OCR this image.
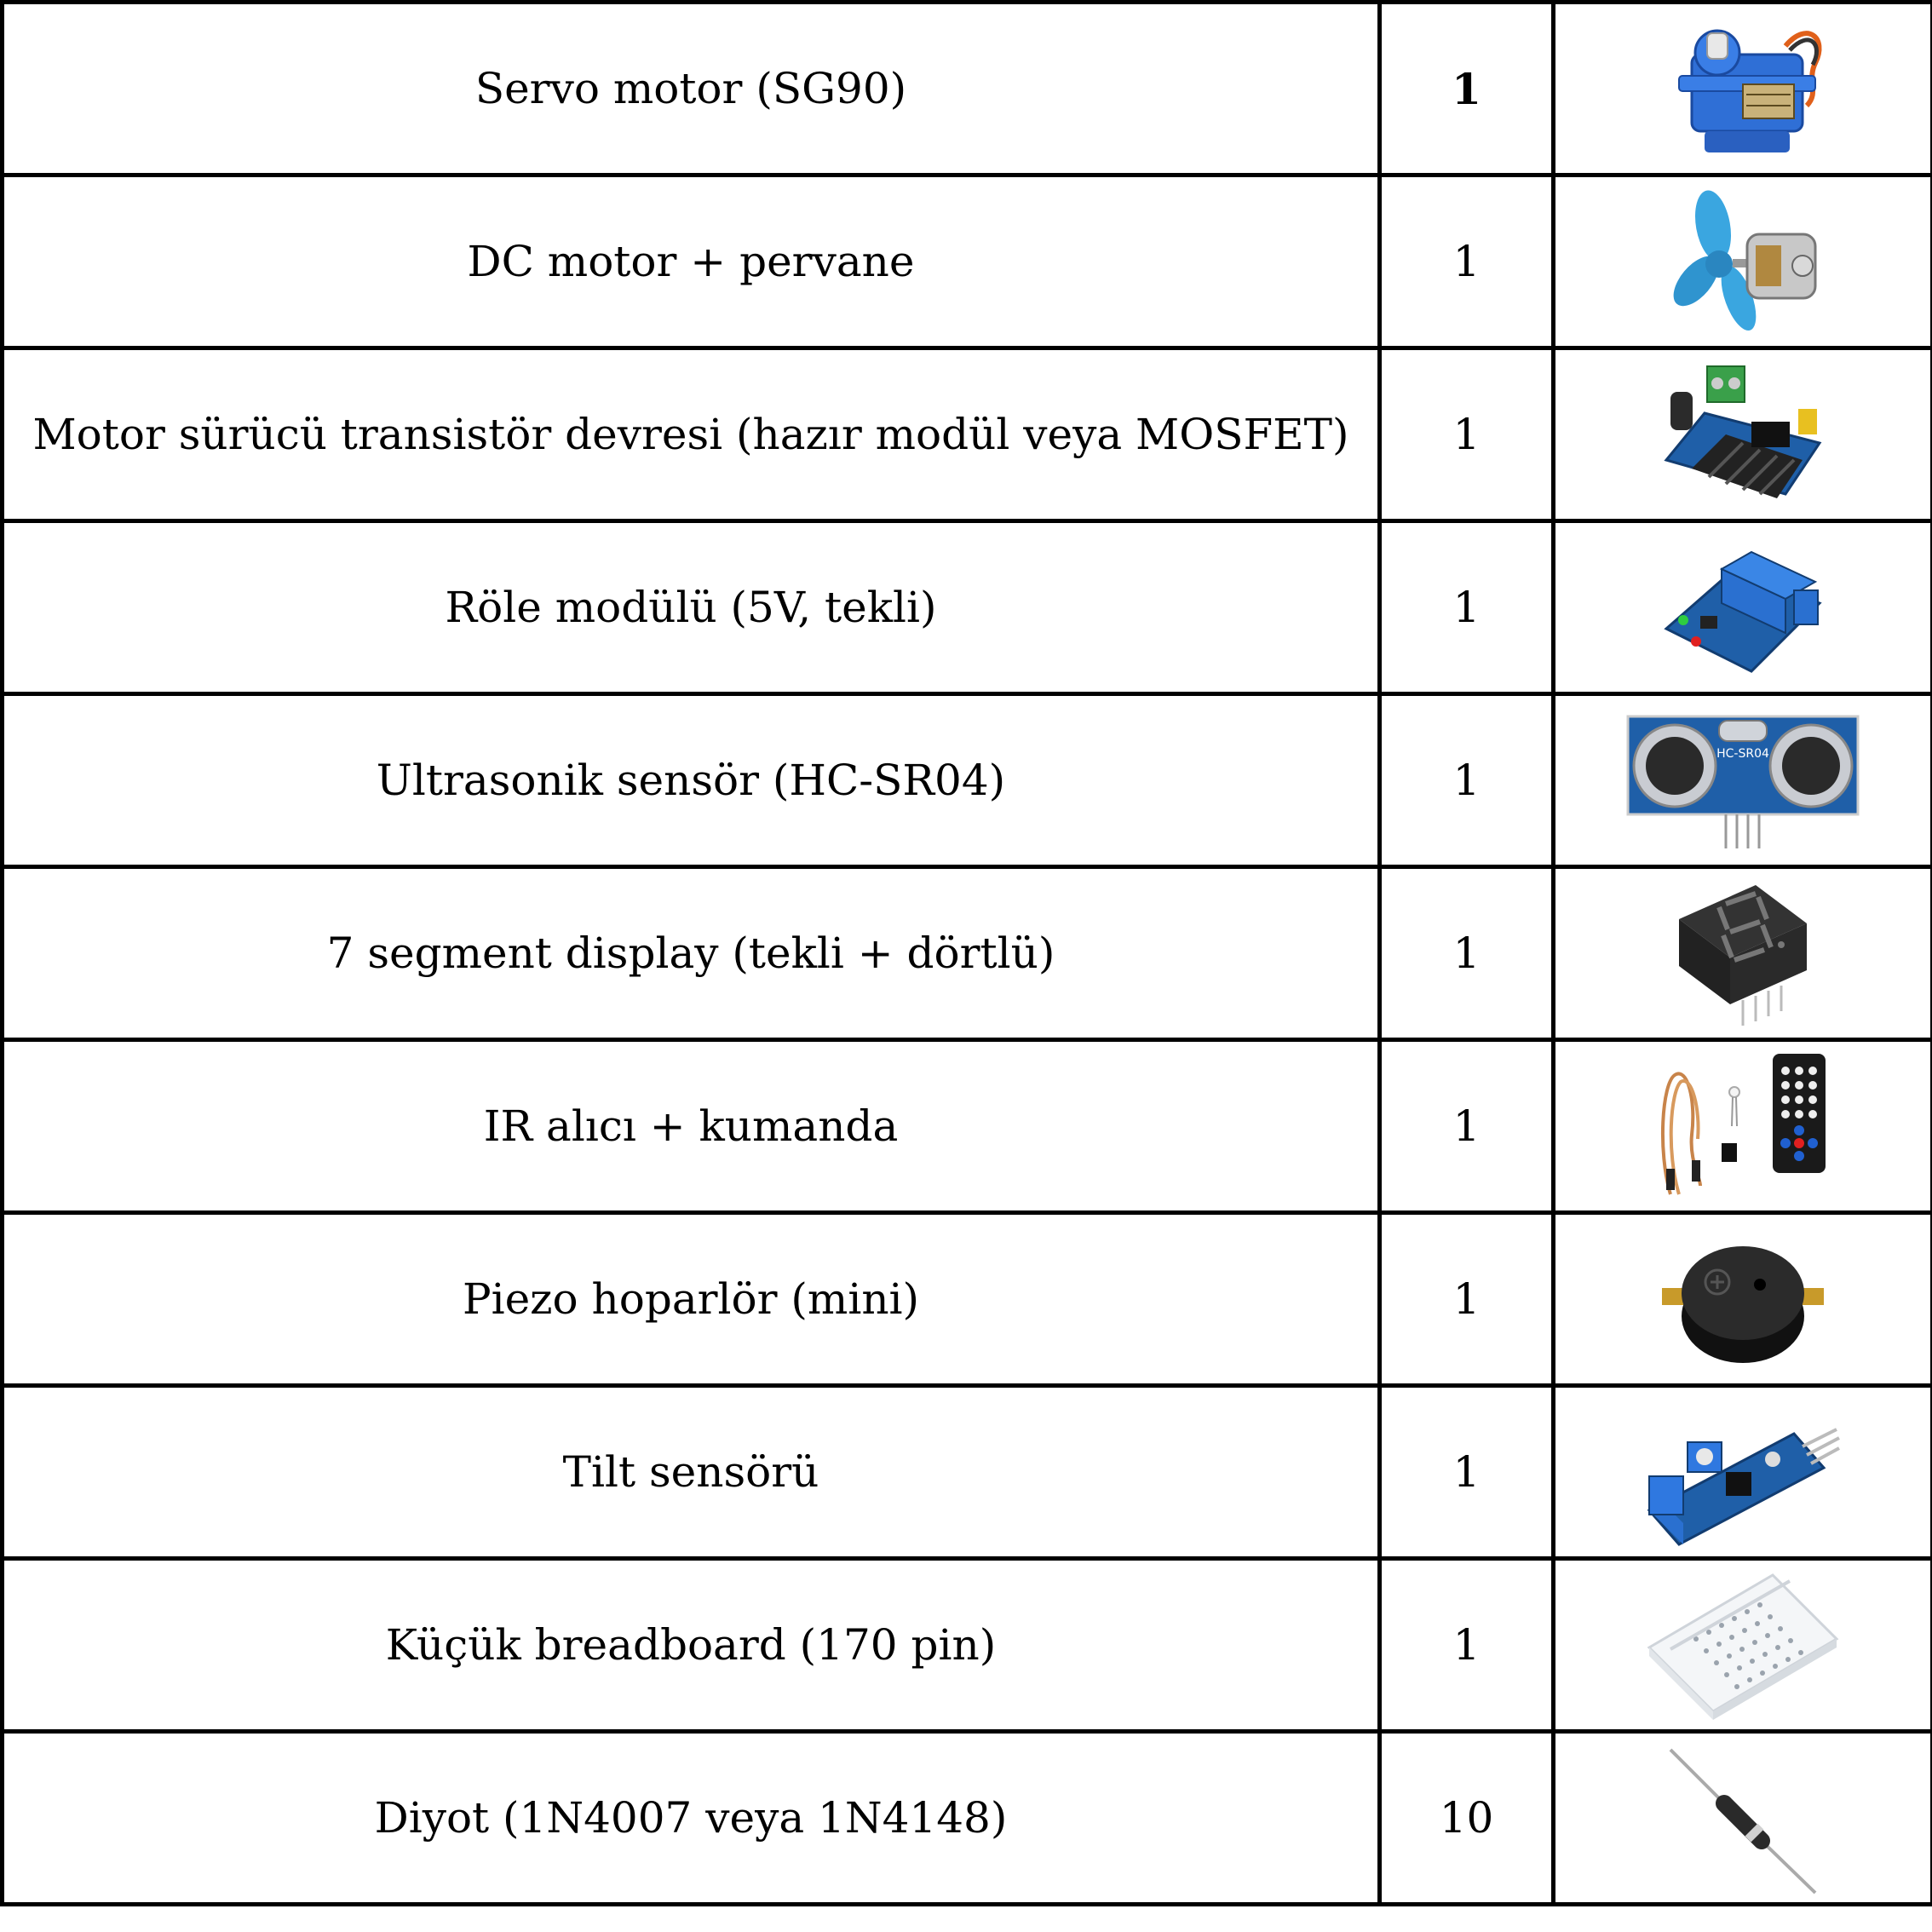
Servo motor (SG90)	1	

DC motor + pervane	1	

Motor sürücü transistör devresi (hazır modül veya MOSFET)	1	

Röle modülü (5V, tekli)	1	

Ultrasonik sensör (HC-SR04)	1	HC-SR04

7 segment display (tekli + dörtlü)	1	

IR alıcı + kumanda	1	

Piezo hoparlör (mini)	1	

Tilt sensörü	1	

Küçük breadboard (170 pin)	1	

Diyot (1N4007 veya 1N4148)	10	
